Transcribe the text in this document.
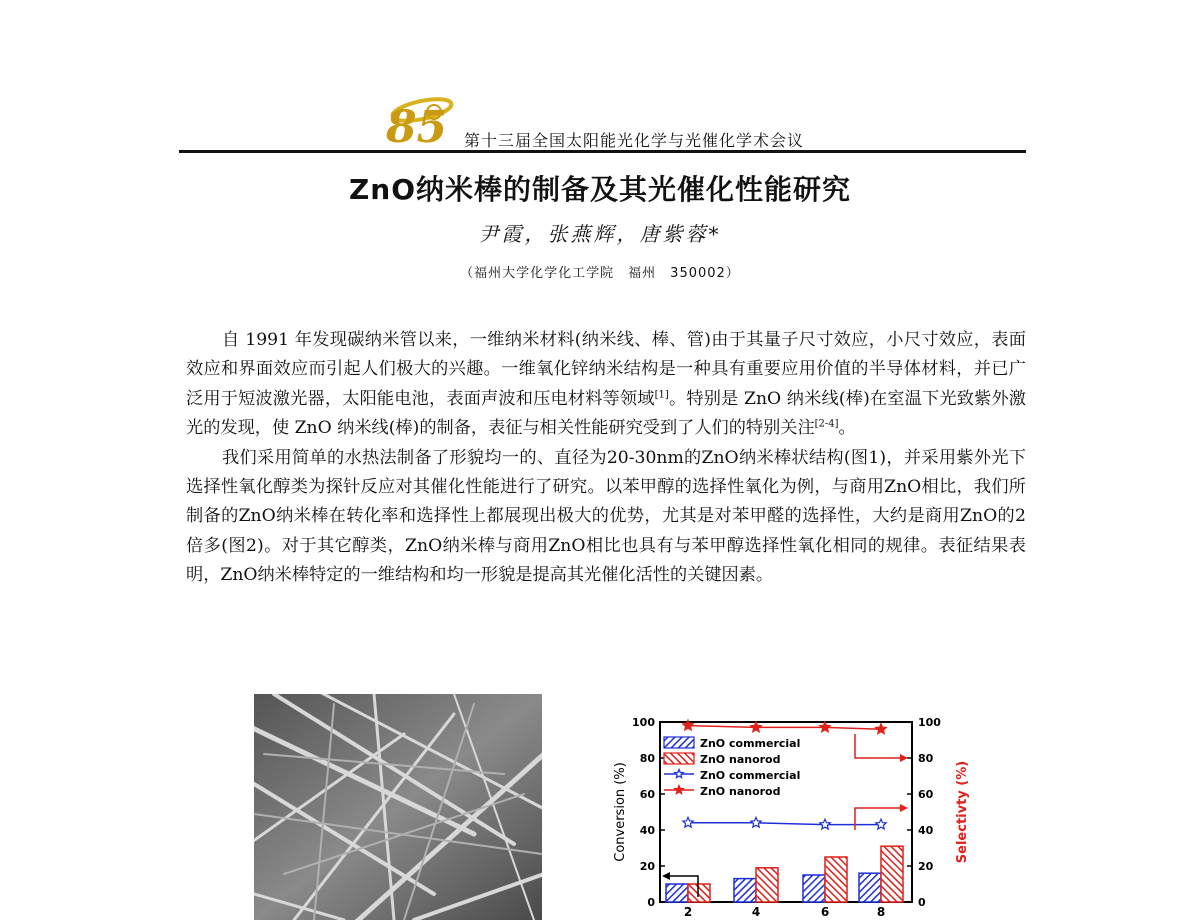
85 第十三届全国太阳能光化学与光催化学术会议
ZnO纳米棒的制备及其光催化性能研究
尹霞，张燕辉，唐紫蓉*
（福州大学化学化工学院　福州　350002）

自 1991 年发现碳纳米管以来，一维纳米材料(纳米线、棒、管)由于其量子尺寸效应，小尺寸效应，表面效应和界面效应而引起人们极大的兴趣。一维氧化锌纳米结构是一种具有重要应用价值的半导体材料，并已广泛用于短波激光器，太阳能电池，表面声波和压电材料等领域[1]。特别是 ZnO 纳米线(棒)在室温下光致紫外激光的发现，使 ZnO 纳米线(棒)的制备，表征与相关性能研究受到了人们的特别关注[2-4]。

我们采用简单的水热法制备了形貌均一的、直径为20-30nm的ZnO纳米棒状结构(图1)，并采用紫外光下选择性氧化醇类为探针反应对其催化性能进行了研究。以苯甲醇的选择性氧化为例，与商用ZnO相比，我们所制备的ZnO纳米棒在转化率和选择性上都展现出极大的优势，尤其是对苯甲醛的选择性，大约是商用ZnO的2倍多(图2)。对于其它醇类，ZnO纳米棒与商用ZnO相比也具有与苯甲醇选择性氧化相同的规律。表征结果表明，ZnO纳米棒特定的一维结构和均一形貌是提高其光催化活性的关键因素。

0
20
40
60
80
100
0
20
40
60
80
100
2	4	6	8
Conversion (%)	Selectivty (%)
ZnO commercial
ZnO nanorod
ZnO commercial
ZnO nanorod
